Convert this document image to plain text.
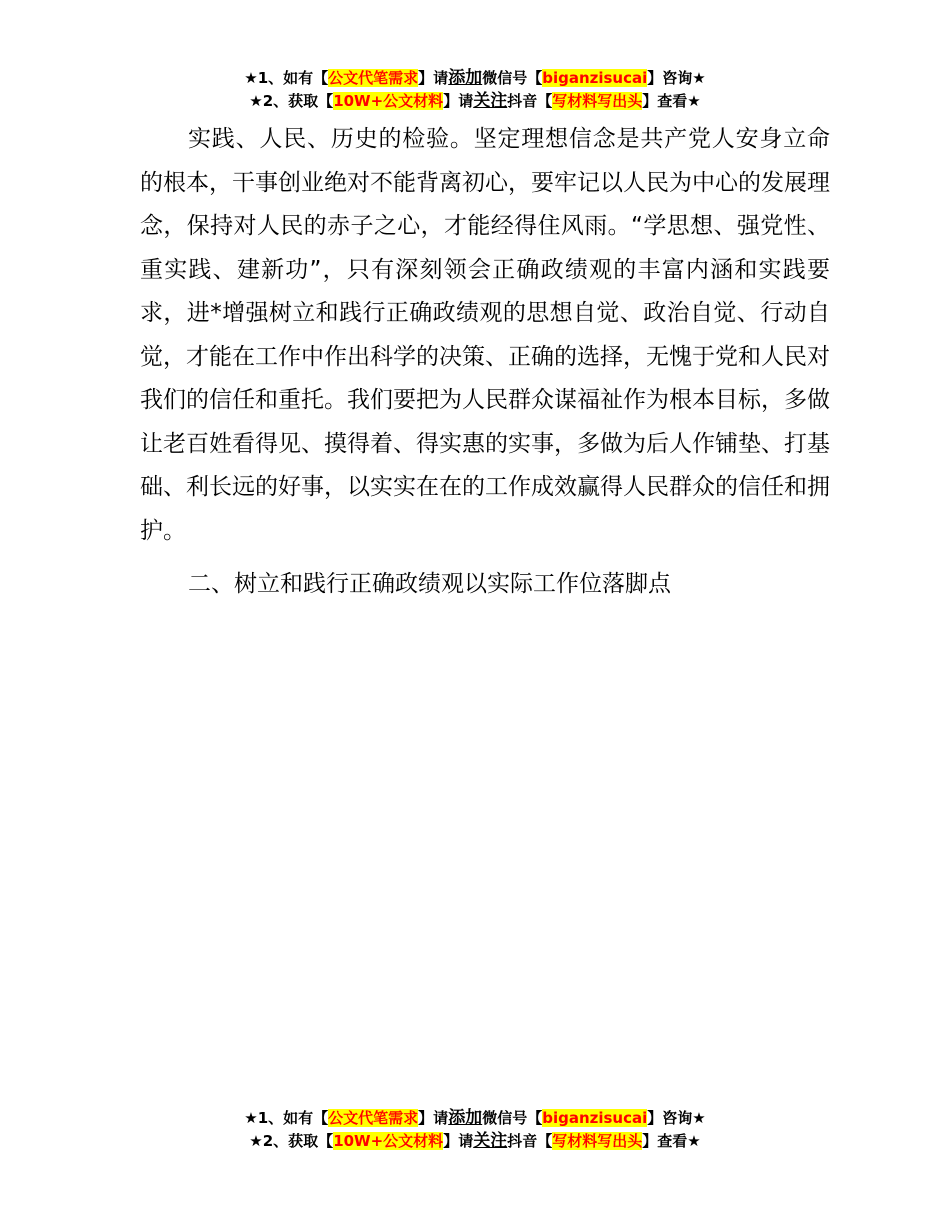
★1、如有【公文代笔需求】请添加微信号【biganzisucai】咨询★
★2、获取【10W+公文材料】请关注抖音【写材料写出头】查看★

实践、人民、历史的检验。坚定理想信念是共产党人安身立命的根本，干事创业绝对不能背离初心，要牢记以人民为中心的发展理念，保持对人民的赤子之心，才能经得住风雨。“学思想、强党性、重实践、建新功”，只有深刻领会正确政绩观的丰富内涵和实践要求，进*增强树立和践行正确政绩观的思想自觉、政治自觉、行动自觉，才能在工作中作出科学的决策、正确的选择，无愧于党和人民对我们的信任和重托。我们要把为人民群众谋福祉作为根本目标，多做让老百姓看得见、摸得着、得实惠的实事，多做为后人作铺垫、打基础、利长远的好事，以实实在在的工作成效赢得人民群众的信任和拥护。

二、树立和践行正确政绩观以实际工作位落脚点

★1、如有【公文代笔需求】请添加微信号【biganzisucai】咨询★
★2、获取【10W+公文材料】请关注抖音【写材料写出头】查看★
